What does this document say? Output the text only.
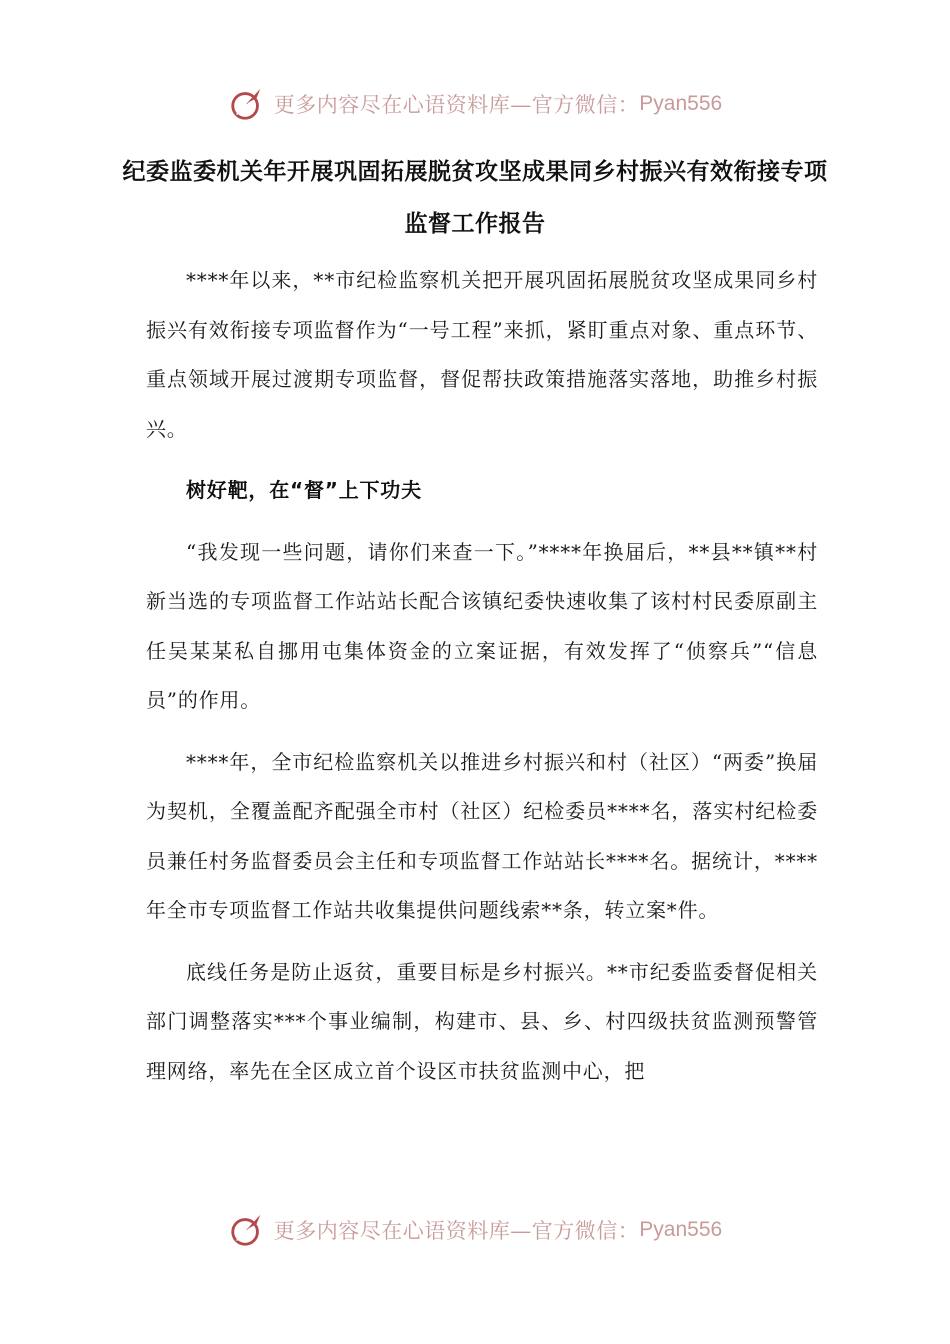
更多内容尽在心语资料库—官方微信： Pyan556
纪委监委机关年开展巩固拓展脱贫攻坚成果同乡村振兴有效衔接专项监督工作报告

****年以来，**市纪检监察机关把开展巩固拓展脱贫攻坚成果同乡村振兴有效衔接专项监督作为“一号工程”来抓，紧盯重点对象、重点环节、重点领域开展过渡期专项监督，督促帮扶政策措施落实落地，助推乡村振兴。

树好靶，在“督”上下功夫

“我发现一些问题，请你们来查一下。”****年换届后，**县**镇**村新当选的专项监督工作站站长配合该镇纪委快速收集了该村村民委原副主任吴某某私自挪用屯集体资金的立案证据，有效发挥了“侦察兵”“信息员”的作用。

****年，全市纪检监察机关以推进乡村振兴和村（社区）“两委”换届为契机，全覆盖配齐配强全市村（社区）纪检委员****名，落实村纪检委员兼任村务监督委员会主任和专项监督工作站站长****名。据统计，****年全市专项监督工作站共收集提供问题线索**条，转立案*件。

底线任务是防止返贫，重要目标是乡村振兴。**市纪委监委督促相关部门调整落实***个事业编制，构建市、县、乡、村四级扶贫监测预警管理网络，率先在全区成立首个设区市扶贫监测中心，把

更多内容尽在心语资料库—官方微信： Pyan556
